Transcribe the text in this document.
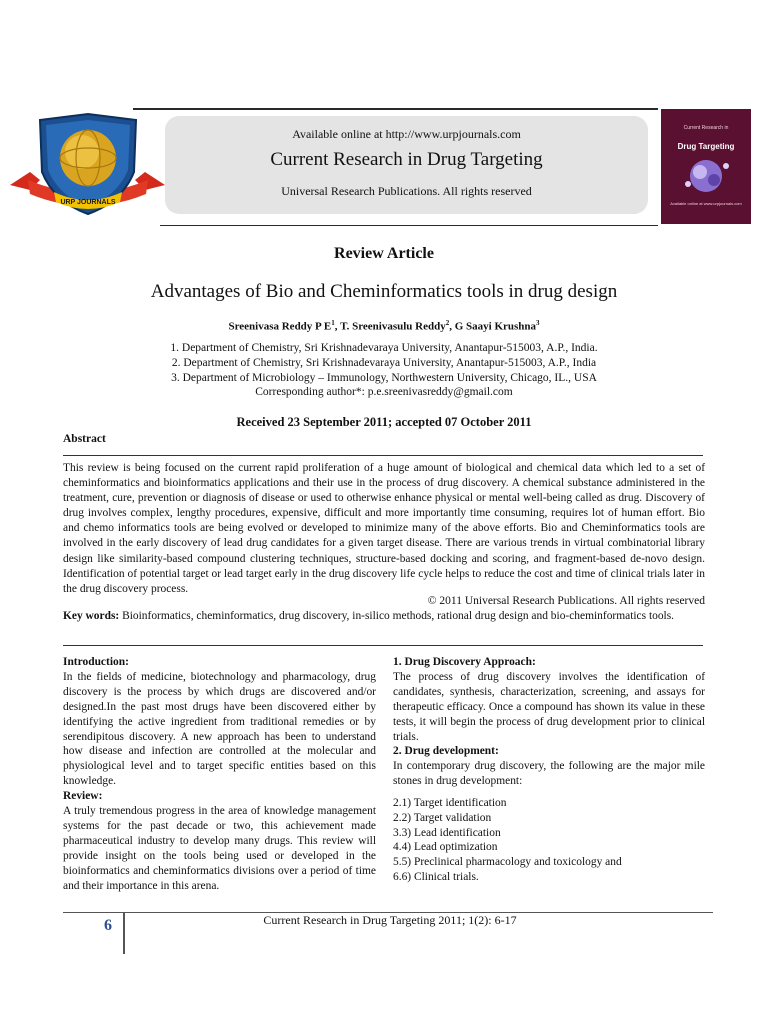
Available online at http://www.urpjournals.com
Current Research in Drug Targeting
Universal Research Publications. All rights reserved
URP JOURNALS
Current Research in
Drug Targeting
Available online at www.urpjournals.com
Review Article
Advantages of Bio and Cheminformatics tools in drug design
Sreenivasa Reddy P $E^1$, T. Sreenivasulu Reddy$^2$, G Saayi Krushna$^3$
1. Department of Chemistry, Sri Krishnadevaraya University, Anantapur-515003, A.P., India.
2. Department of Chemistry, Sri Krishnadevaraya University, Anantapur-515003, A.P., India
3. Department of Microbiology – Immunology, Northwestern University, Chicago, IL., USA
Corresponding author*: p.e.sreenivasreddy@gmail.com
Received 23 September 2011; accepted 07 October 2011
Abstract
This review is being focused on the current rapid proliferation of a huge amount of biological and chemical data which led to a set of cheminformatics and bioinformatics applications and their use in the process of drug discovery. A chemical substance administered in the treatment, cure, prevention or diagnosis of disease or used to otherwise enhance physical or mental well-being called as drug. Discovery of drug involves complex, lengthy procedures, expensive, difficult and more importantly time consuming, requires lot of human effort. Bio and chemo informatics tools are being evolved or developed to minimize many of the above efforts. Bio and Cheminformatics tools are involved in the early discovery of lead drug candidates for a given target disease. There are various trends in virtual combinatorial library design like similarity-based compound clustering techniques, structure-based docking and scoring, and fragment-based de-novo design. Identification of potential target or lead target early in the drug discovery life cycle helps to reduce the cost and time of clinical trials later in the drug discovery process.
© 2011 Universal Research Publications. All rights reserved
Key words: Bioinformatics, cheminformatics, drug discovery, in-silico methods, rational drug design and bio-cheminformatics tools.
Introduction:
In the fields of medicine, biotechnology and pharmacology, drug discovery is the process by which drugs are discovered and/or designed.In the past most drugs have been discovered either by identifying the active ingredient from traditional remedies or by serendipitous discovery. A new approach has been to understand how disease and infection are controlled at the molecular and physiological level and to target specific entities based on this knowledge.
Review:
A truly tremendous progress in the area of knowledge management systems for the past decade or two, this achievement made pharmaceutical industry to develop many drugs. This review will provide insight on the tools being used or developed in the bioinformatics and cheminformatics divisions over a period of time and their importance in this arena.
1. Drug Discovery Approach:
The process of drug discovery involves the identification of candidates, synthesis, characterization, screening, and assays for therapeutic efficacy. Once a compound has shown its value in these tests, it will begin the process of drug development prior to clinical trials.
2. Drug development:
In contemporary drug discovery, the following are the major mile stones in drug development:
2.1) Target identification
2.2) Target validation
3.3) Lead identification
4.4) Lead optimization
5.5) Preclinical pharmacology and toxicology and
6.6) Clinical trials.
6	Current Research in Drug Targeting 2011; 1(2): 6-17
